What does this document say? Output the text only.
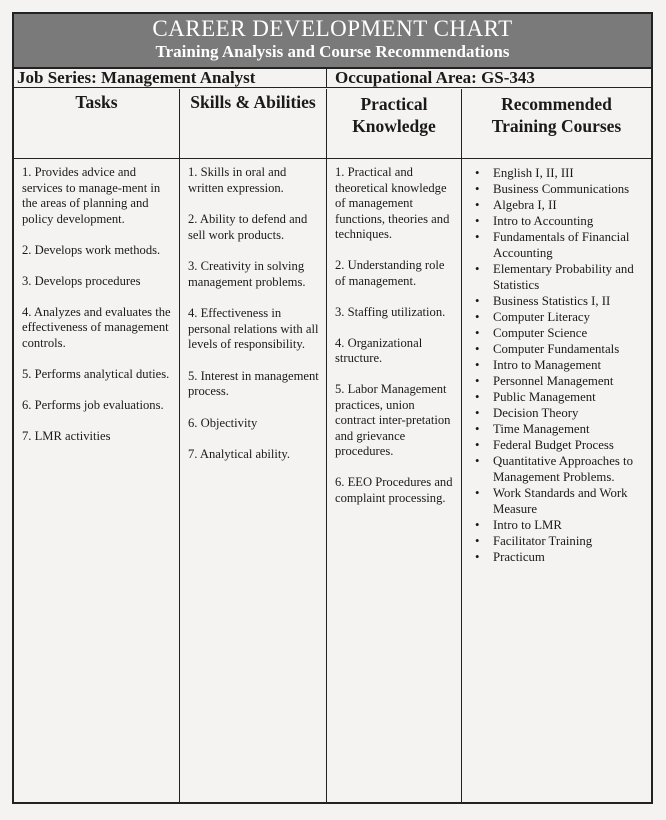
CAREER DEVELOPMENT CHART
Training Analysis and Course Recommendations
Job Series: Management Analyst	Occupational Area: GS-343
Tasks
1. Provides advice and services to manage-ment in the areas of planning and policy development.
2. Develops work methods.
3. Develops procedures
4. Analyzes and evaluates the effectiveness of management controls.
5. Performs analytical duties.
6. Performs job evaluations.
7. LMR activities
Skills & Abilities
1. Skills in oral and written expression.
2. Ability to defend and sell work products.
3. Creativity in solving management problems.
4. Effectiveness in personal relations with all levels of responsibility.
5. Interest in management process.
6. Objectivity
7. Analytical ability.
Practical
Knowledge
1. Practical and theoretical knowledge of management functions, theories and techniques.
2. Understanding role of management.
3. Staffing utilization.
4. Organizational structure.
5. Labor Management practices, union contract inter-pretation and grievance procedures.
6. EEO Procedures and complaint processing.
Recommended
Training Courses
• English I, II, III
• Business Communications
• Algebra I, II
• Intro to Accounting
• Fundamentals of Financial Accounting
• Elementary Probability and Statistics
• Business Statistics I, II
• Computer Literacy
• Computer Science
• Computer Fundamentals
• Intro to Management
• Personnel Management
• Public Management
• Decision Theory
• Time Management
• Federal Budget Process
• Quantitative Approaches to Management Problems.
• Work Standards and Work Measure
• Intro to LMR
• Facilitator Training
• Practicum
